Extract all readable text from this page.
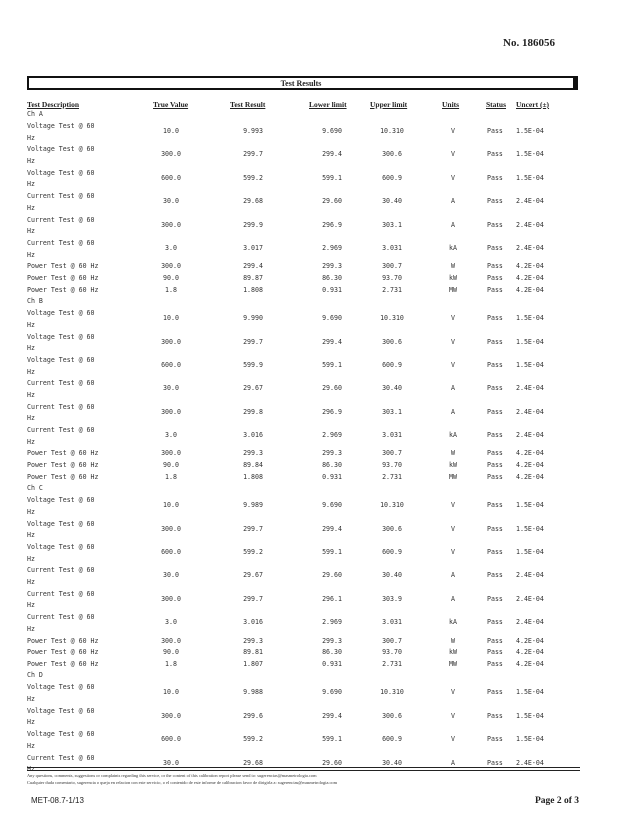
No. 186056
Test Results
Test Description	True Value	Test Result	Lower limit	Upper limit	Units	Status Uncert (±)
Ch A
Voltage Test @ 60
Hz
10.0	9.993	9.690	10.310	V	Pass 1.5E-04
Voltage Test @ 60
Hz
300.0	299.7	299.4	300.6	V	Pass 1.5E-04
Voltage Test @ 60
Hz
600.0	599.2	599.1	600.9	V	Pass 1.5E-04
Current Test @ 60
Hz
30.0	29.68	29.60	30.40	A	Pass 2.4E-04
Current Test @ 60
Hz
300.0	299.9	296.9	303.1	A	Pass 2.4E-04
Current Test @ 60
Hz
3.0	3.017	2.969	3.031	kA	Pass 2.4E-04
Power Test @ 60 Hz	300.0	299.4	299.3	300.7	W	Pass 4.2E-04
Power Test @ 60 Hz	90.0	89.87	86.30	93.70	kW	Pass 4.2E-04
Power Test @ 60 Hz	1.8	1.808	0.931	2.731	MW	Pass 4.2E-04
Ch B
Voltage Test @ 60
Hz
10.0	9.990	9.690	10.310	V	Pass 1.5E-04
Voltage Test @ 60
Hz
300.0	299.7	299.4	300.6	V	Pass 1.5E-04
Voltage Test @ 60
Hz
600.0	599.9	599.1	600.9	V	Pass 1.5E-04
Current Test @ 60
Hz
30.0	29.67	29.60	30.40	A	Pass 2.4E-04
Current Test @ 60
Hz
300.0	299.8	296.9	303.1	A	Pass 2.4E-04
Current Test @ 60
Hz
3.0	3.016	2.969	3.031	kA	Pass 2.4E-04
Power Test @ 60 Hz	300.0	299.3	299.3	300.7	W	Pass 4.2E-04
Power Test @ 60 Hz	90.0	89.84	86.30	93.70	kW	Pass 4.2E-04
Power Test @ 60 Hz	1.8	1.808	0.931	2.731	MW	Pass 4.2E-04
Ch C
Voltage Test @ 60
Hz
10.0	9.989	9.690	10.310	V	Pass 1.5E-04
Voltage Test @ 60
Hz
300.0	299.7	299.4	300.6	V	Pass 1.5E-04
Voltage Test @ 60
Hz
600.0	599.2	599.1	600.9	V	Pass 1.5E-04
Current Test @ 60
Hz
30.0	29.67	29.60	30.40	A	Pass 2.4E-04
Current Test @ 60
Hz
300.0	299.7	296.1	303.9	A	Pass 2.4E-04
Current Test @ 60
Hz
3.0	3.016	2.969	3.031	kA	Pass 2.4E-04
Power Test @ 60 Hz	300.0	299.3	299.3	300.7	W	Pass 4.2E-04
Power Test @ 60 Hz	90.0	89.81	86.30	93.70	kW	Pass 4.2E-04
Power Test @ 60 Hz	1.8	1.807	0.931	2.731	MW	Pass 4.2E-04
Ch D
Voltage Test @ 60
Hz
10.0	9.988	9.690	10.310	V	Pass 1.5E-04
Voltage Test @ 60
Hz
300.0	299.6	299.4	300.6	V	Pass 1.5E-04
Voltage Test @ 60
Hz
600.0	599.2	599.1	600.9	V	Pass 1.5E-04
Current Test @ 60
Hz
30.0	29.68	29.60	30.40	A	Pass 2.4E-04
Any questions, comments, suggestions or complaints regarding this service, or the content of this calibration report please send to: sugerencias@masmetrologia.com
Cualquier duda comentario, sugerencia o queja en relacion con este servicio, o el contenido de este informe de calibracion favor de dirigirla a: sugerencias@masmetrologia.com
MET-08.7-1/13	Page 2 of 3
